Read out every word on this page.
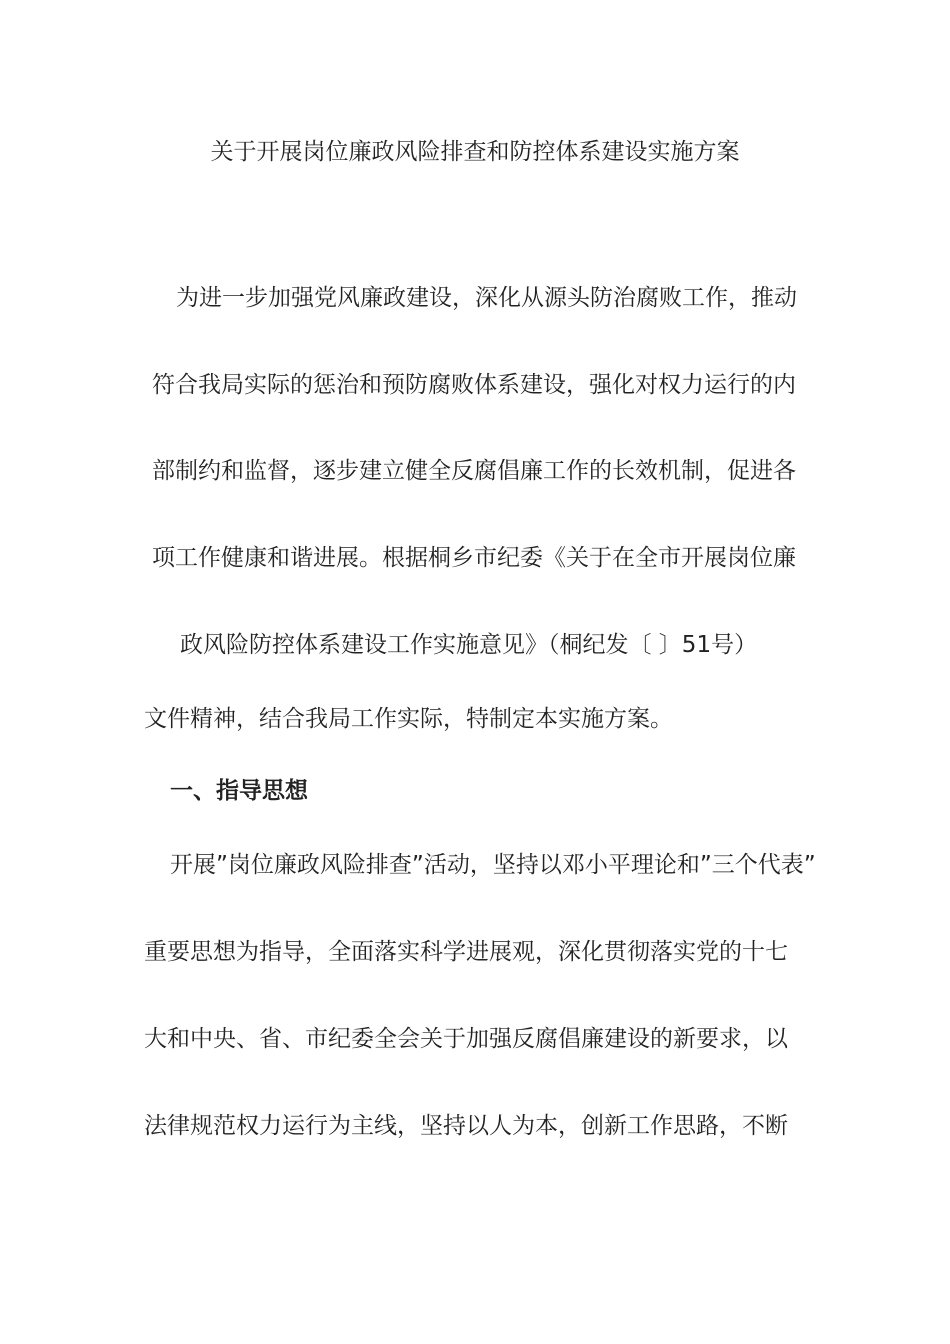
关于开展岗位廉政风险排查和防控体系建设实施方案
为进一步加强党风廉政建设，深化从源头防治腐败工作，推动
符合我局实际的惩治和预防腐败体系建设，强化对权力运行的内
部制约和监督，逐步建立健全反腐倡廉工作的长效机制，促进各
项工作健康和谐进展。根据桐乡市纪委《关于在全市开展岗位廉
政风险防控体系建设工作实施意见》（桐纪发〔 〕51号）
文件精神，结合我局工作实际，特制定本实施方案。
一、指导思想
开展”岗位廉政风险排查”活动，坚持以邓小平理论和”三个代表”
重要思想为指导，全面落实科学进展观，深化贯彻落实党的十七
大和中央、省、市纪委全会关于加强反腐倡廉建设的新要求，以
法律规范权力运行为主线，坚持以人为本，创新工作思路，不断
